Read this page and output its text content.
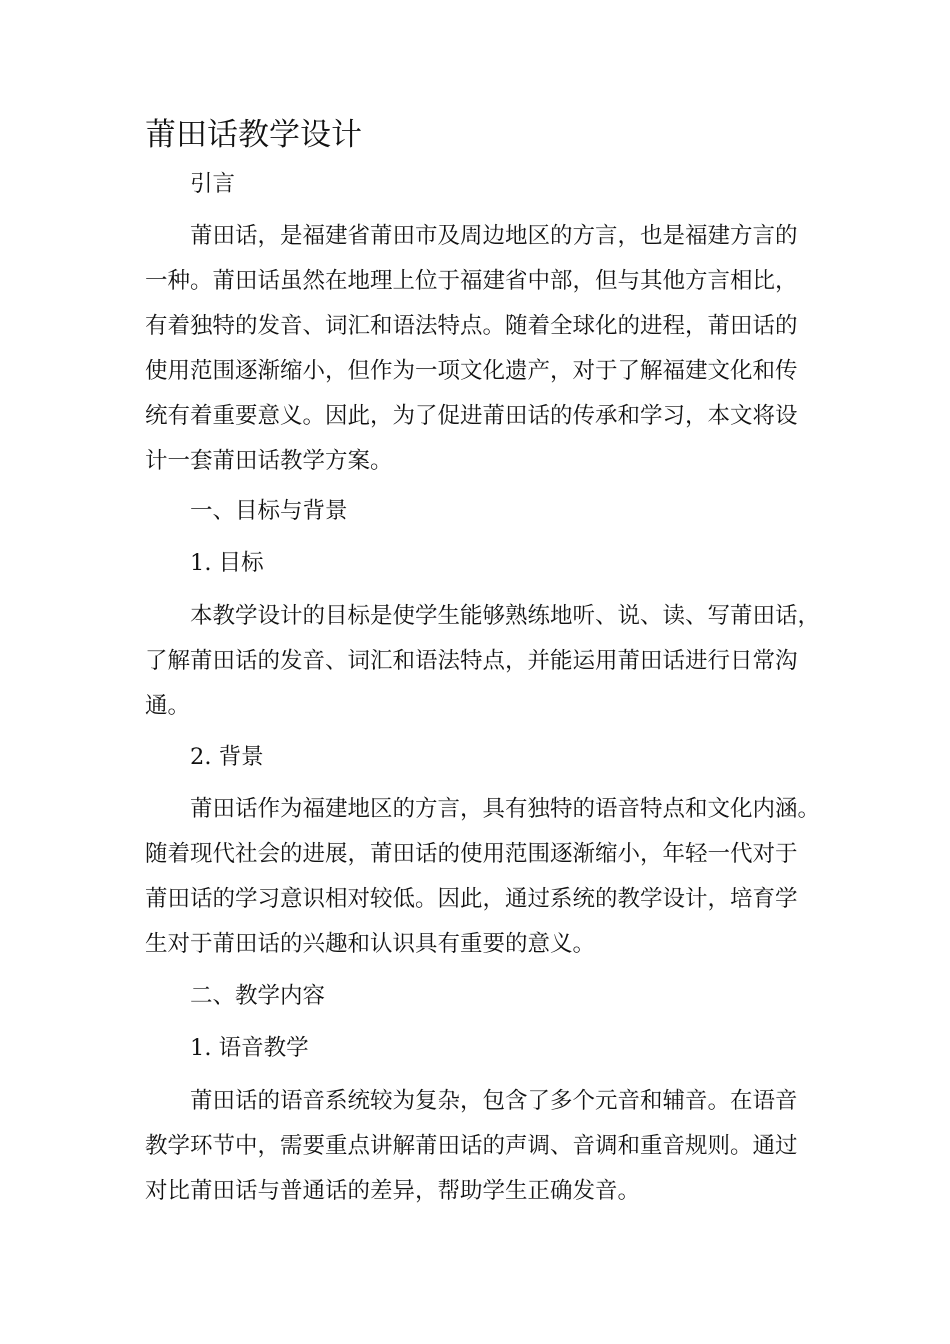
莆田话教学设计
引言
莆田话，是福建省莆田市及周边地区的方言，也是福建方言的
一种。莆田话虽然在地理上位于福建省中部，但与其他方言相比，
有着独特的发音、词汇和语法特点。随着全球化的进程，莆田话的
使用范围逐渐缩小，但作为一项文化遗产，对于了解福建文化和传
统有着重要意义。因此，为了促进莆田话的传承和学习，本文将设
计一套莆田话教学方案。
一、目标与背景
1. 目标
本教学设计的目标是使学生能够熟练地听、说、读、写莆田话，
了解莆田话的发音、词汇和语法特点，并能运用莆田话进行日常沟
通。
2. 背景
莆田话作为福建地区的方言，具有独特的语音特点和文化内涵。
随着现代社会的进展，莆田话的使用范围逐渐缩小，年轻一代对于
莆田话的学习意识相对较低。因此，通过系统的教学设计，培育学
生对于莆田话的兴趣和认识具有重要的意义。
二、教学内容
1. 语音教学
莆田话的语音系统较为复杂，包含了多个元音和辅音。在语音
教学环节中，需要重点讲解莆田话的声调、音调和重音规则。通过
对比莆田话与普通话的差异，帮助学生正确发音。
